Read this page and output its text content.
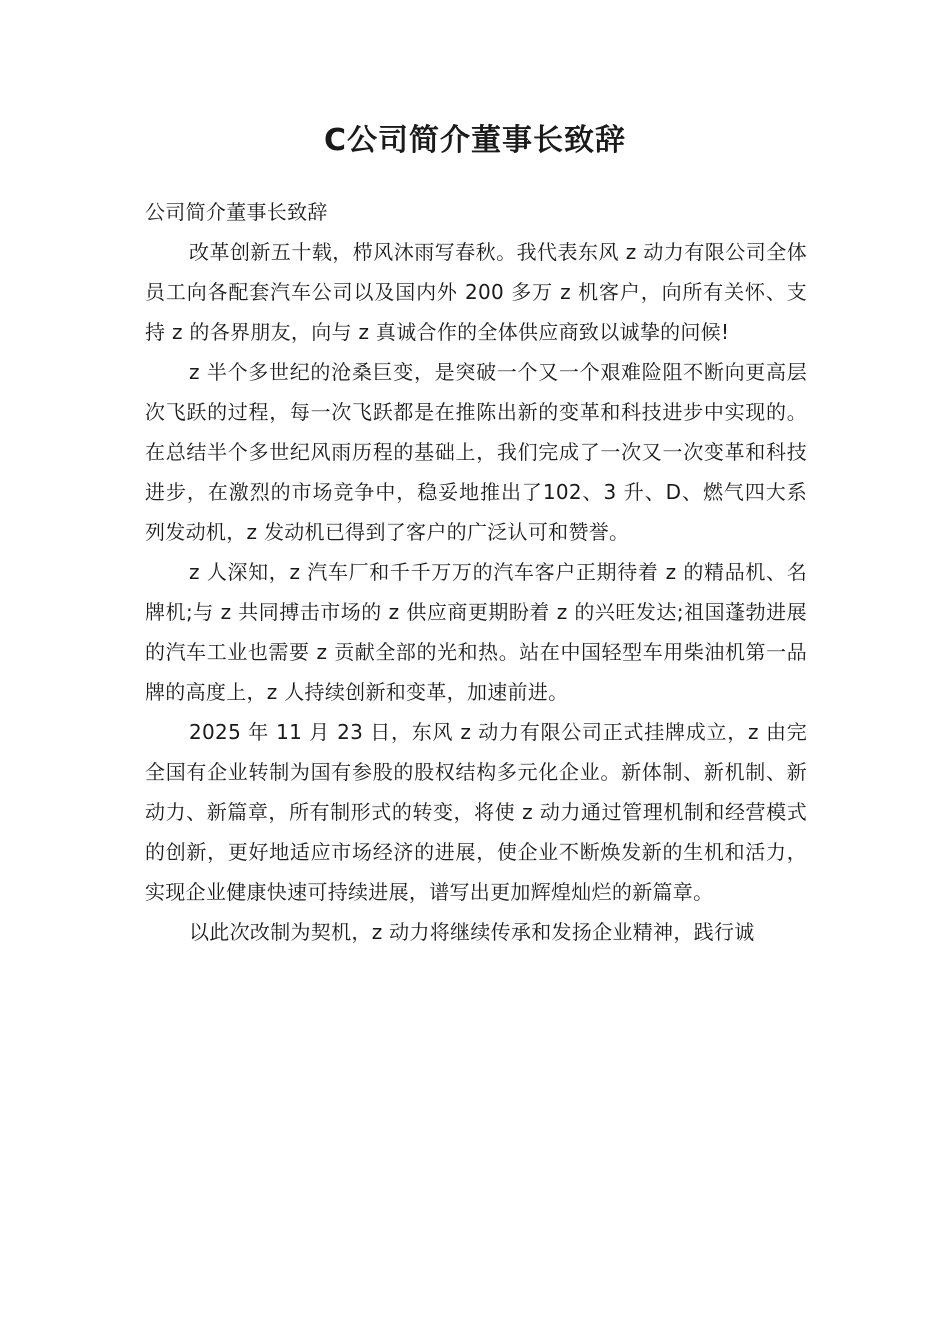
C公司简介董事长致辞

公司简介董事长致辞

改革创新五十载，栉风沐雨写春秋。我代表东风 z 动力有限公司全体员工向各配套汽车公司以及国内外 200 多万 z 机客户，向所有关怀、支持 z 的各界朋友，向与 z 真诚合作的全体供应商致以诚挚的问候!

z 半个多世纪的沧桑巨变，是突破一个又一个艰难险阻不断向更高层次飞跃的过程，每一次飞跃都是在推陈出新的变革和科技进步中实现的。在总结半个多世纪风雨历程的基础上，我们完成了一次又一次变革和科技进步，在激烈的市场竞争中，稳妥地推出了102、3 升、D、燃气四大系列发动机，z 发动机已得到了客户的广泛认可和赞誉。

z 人深知，z 汽车厂和千千万万的汽车客户正期待着 z 的精品机、名牌机;与 z 共同搏击市场的 z 供应商更期盼着 z 的兴旺发达;祖国蓬勃进展的汽车工业也需要 z 贡献全部的光和热。站在中国轻型车用柴油机第一品牌的高度上，z 人持续创新和变革，加速前进。

2025 年 11 月 23 日，东风 z 动力有限公司正式挂牌成立，z 由完全国有企业转制为国有参股的股权结构多元化企业。新体制、新机制、新动力、新篇章，所有制形式的转变，将使 z 动力通过管理机制和经营模式的创新，更好地适应市场经济的进展，使企业不断焕发新的生机和活力，实现企业健康快速可持续进展，谱写出更加辉煌灿烂的新篇章。

以此次改制为契机，z 动力将继续传承和发扬企业精神，践行诚
